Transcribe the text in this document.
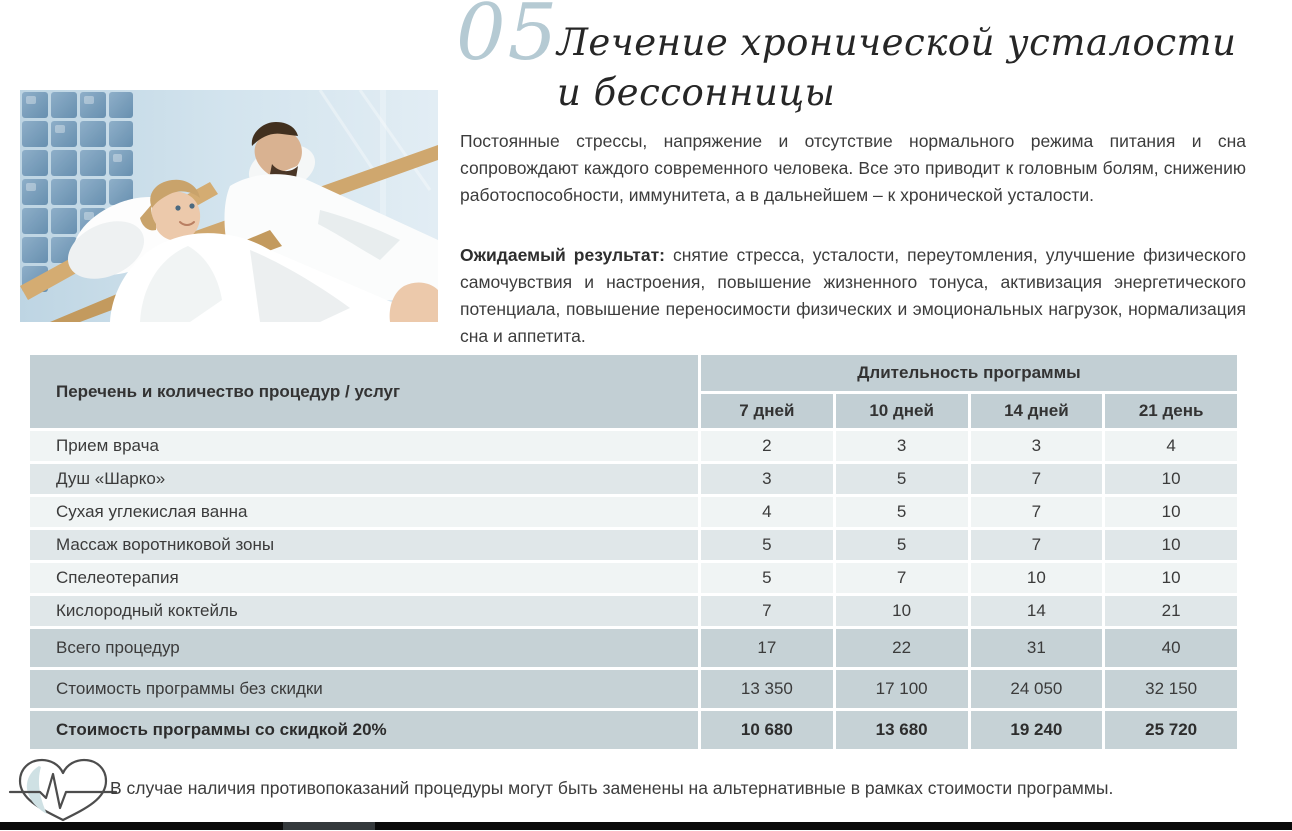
05
Лечение хронической усталости
и бессонницы

Постоянные стрессы, напряжение и отсутствие нормального режима питания и сна сопровождают каждого современного человека. Все это приводит к головным болям, снижению работоспособности, иммунитета, а в дальнейшем – к хронической усталости.

Ожидаемый результат: снятие стресса, усталости, переутомления, улучшение физического самочувствия и настроения, повышение жизненного тонуса, активизация энергетического потенциала, повышение переносимости физических и эмоциональных нагрузок, нормализация сна и аппетита.

Перечень и количество процедур / услуг	Длительность программы			
	7 дней	10 дней	14 дней	21 день
Прием врача	2	3	3	4
Душ «Шарко»	3	5	7	10
Сухая углекислая ванна	4	5	7	10
Массаж воротниковой зоны	5	5	7	10
Спелеотерапия	5	7	10	10
Кислородный коктейль	7	10	14	21
Всего процедур	17	22	31	40
Стоимость программы без скидки	13 350	17 100	24 050	32 150
Стоимость программы со скидкой 20%	10 680	13 680	19 240	25 720
В случае наличия противопоказаний процедуры могут быть заменены на альтернативные в рамках стоимости программы.
